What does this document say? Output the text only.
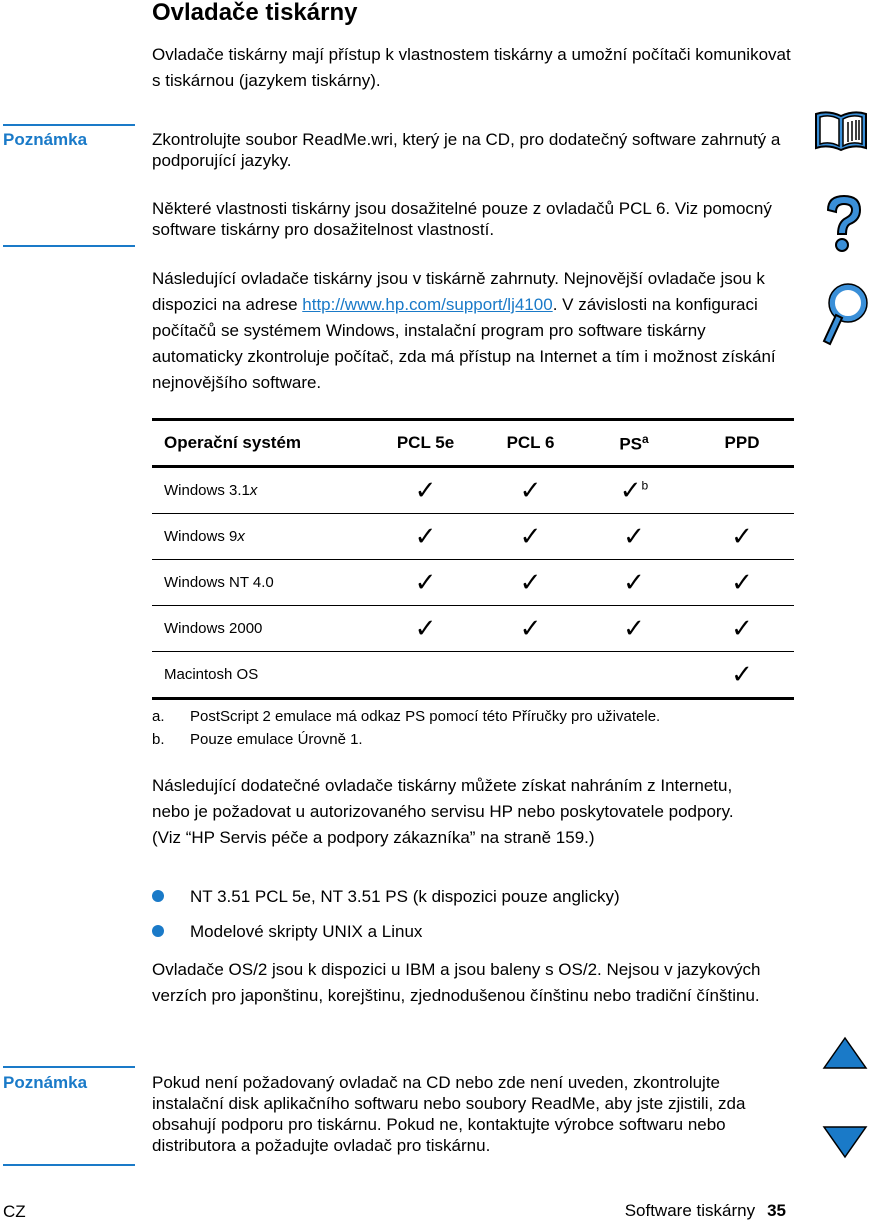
Ovladače tiskárny

Ovladače tiskárny mají přístup k vlastnostem tiskárny a umožní počítači komunikovat s tiskárnou (jazykem tiskárny).

Poznámka	Zkontrolujte soubor ReadMe.wri, který je na CD, pro dodatečný software zahrnutý a podporující jazyky.

Některé vlastnosti tiskárny jsou dosažitelné pouze z ovladačů PCL 6. Viz pomocný software tiskárny pro dosažitelnost vlastností.

Následující ovladače tiskárny jsou v tiskárně zahrnuty. Nejnovější ovladače jsou k dispozici na adrese http://www.hp.com/support/lj4100. V závislosti na konfiguraci počítačů se systémem Windows, instalační program pro software tiskárny automaticky zkontroluje počítač, zda má přístup na Internet a tím i možnost získání nejnovějšího software.

Operační systém	PCL 5e	PCL 6	$PS^a$	PPD
Windows 3.1x	✓	✓	✓$^b$	
Windows 9x	✓	✓	✓	✓
Windows NT 4.0	✓	✓	✓	✓
Windows 2000	✓	✓	✓	✓
Macintosh OS				✓
a. PostScript 2 emulace má odkaz PS pomocí této Příručky pro uživatele.
b. Pouze emulace Úrovně 1.

Následující dodatečné ovladače tiskárny můžete získat nahráním z Internetu, nebo je požadovat u autorizovaného servisu HP nebo poskytovatele podpory. (Viz “HP Servis péče a podpory zákazníka” na straně 159.)

NT 3.51 PCL 5e, NT 3.51 PS (k dispozici pouze anglicky)
Modelové skripty UNIX a Linux

Ovladače OS/2 jsou k dispozici u IBM a jsou baleny s OS/2. Nejsou v jazykových verzích pro japonštinu, korejštinu, zjednodušenou čínštinu nebo tradiční čínštinu.

Poznámka	Pokud není požadovaný ovladač na CD nebo zde není uveden, zkontrolujte instalační disk aplikačního softwaru nebo soubory ReadMe, aby jste zjistili, zda obsahují podporu pro tiskárnu. Pokud ne, kontaktujte výrobce softwaru nebo distributora a požadujte ovladač pro tiskárnu.

CZ	Software tiskárny 35
